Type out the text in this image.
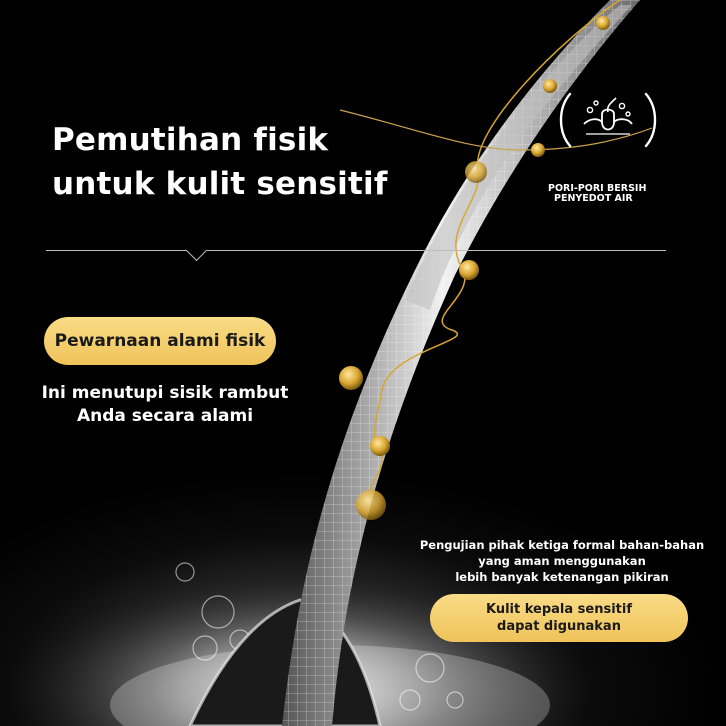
Pemutihan fisik
untuk kulit sensitif	PORI-PORI BERSIH
PENYEDOT AIR
Pewarnaan alami fisik
Ini menutupi sisik rambut
Anda secara alami
Pengujian pihak ketiga formal bahan-bahan
yang aman menggunakan
lebih banyak ketenangan pikiran
Kulit kepala sensitif
dapat digunakan
